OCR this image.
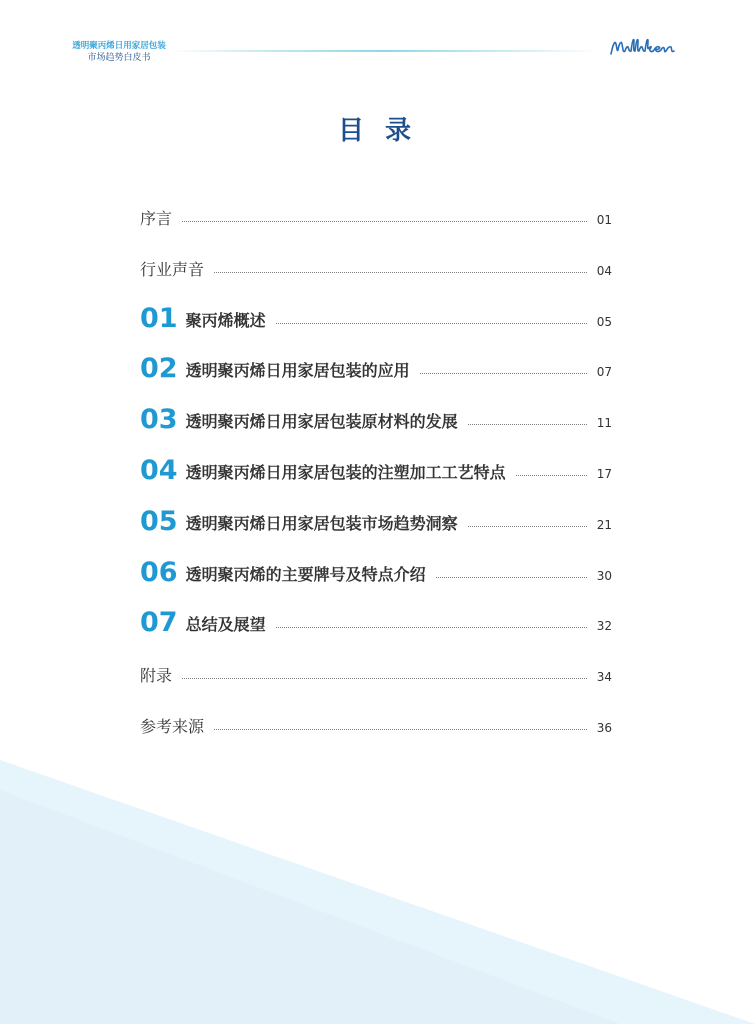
透明聚丙烯日用家居包装
市场趋势白皮书
目 录
序言	01
行业声音	04
01 聚丙烯概述	05
02 透明聚丙烯日用家居包装的应用	07
03 透明聚丙烯日用家居包装原材料的发展	11
04 透明聚丙烯日用家居包装的注塑加工工艺特点	17
05 透明聚丙烯日用家居包装市场趋势洞察	21
06 透明聚丙烯的主要牌号及特点介绍	30
07 总结及展望	32
附录	34
参考来源	36
